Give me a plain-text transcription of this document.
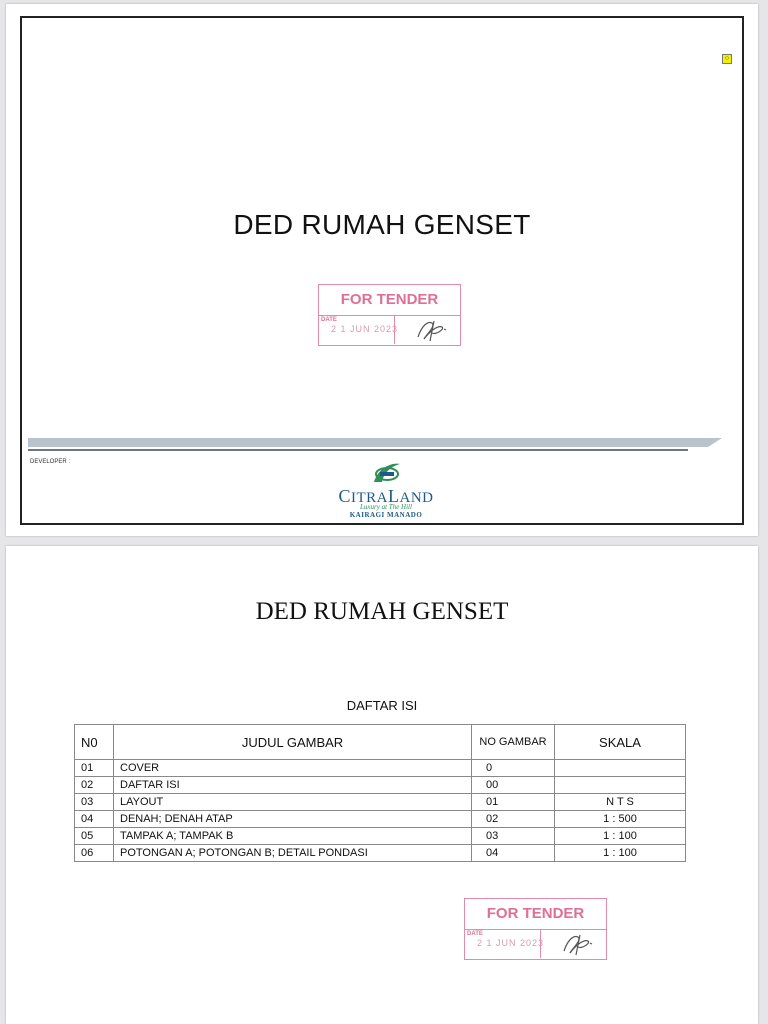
○
DED RUMAH GENSET
FOR TENDER
DATE
2 1 JUN 2023
DEVELOPER :
CITRALAND
Luxury at The Hill
KAIRAGI MANADO
DED RUMAH GENSET
DAFTAR ISI
N0	JUDUL GAMBAR	NO GAMBAR	SKALA
01	COVER	0	
02	DAFTAR ISI	00	
03	LAYOUT	01	N T S
04	DENAH; DENAH ATAP	02	1 : 500
05	TAMPAK A; TAMPAK B	03	1 : 100
06	POTONGAN A; POTONGAN B; DETAIL PONDASI	04	1 : 100
FOR TENDER
DATE
2 1 JUN 2023
